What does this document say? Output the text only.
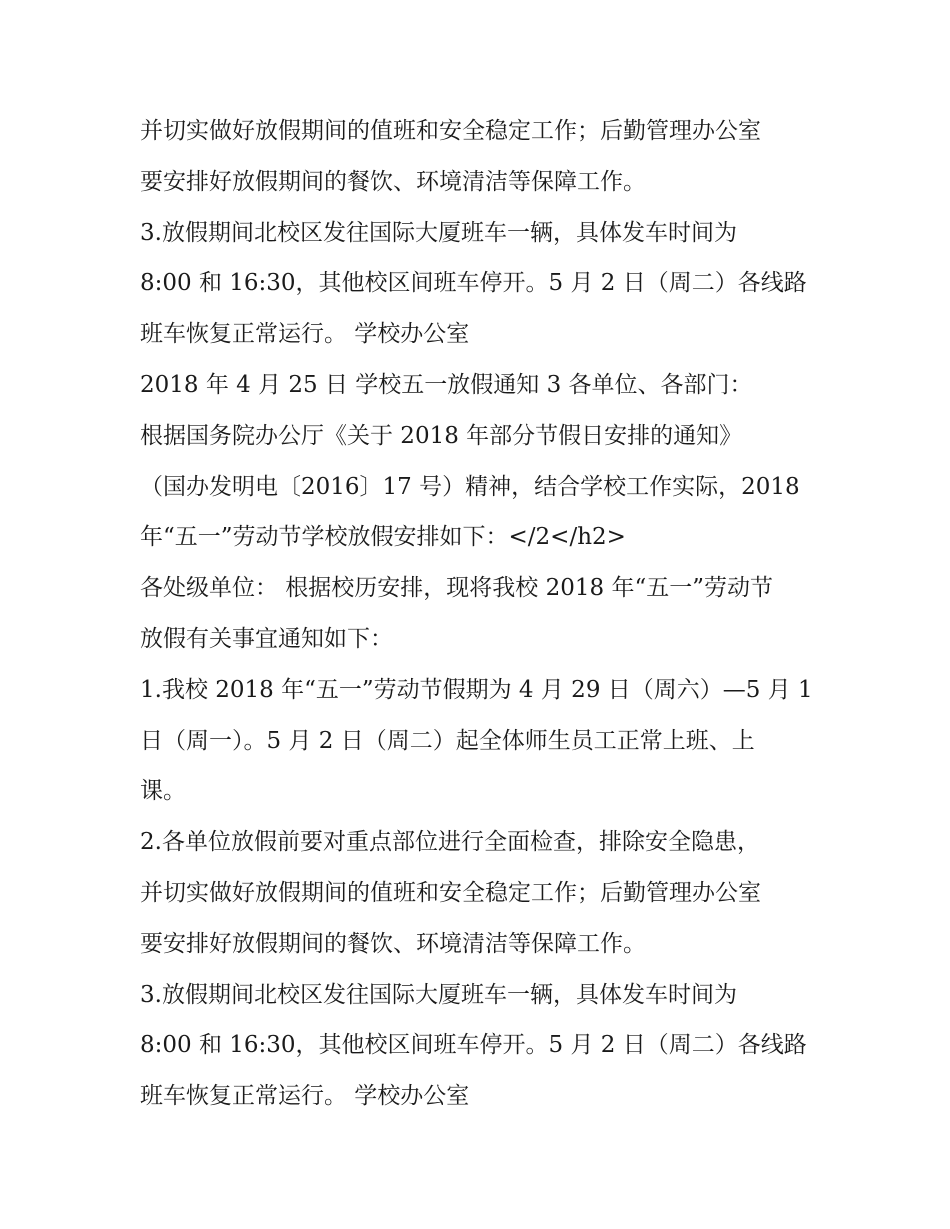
并切实做好放假期间的值班和安全稳定工作；后勤管理办公室
要安排好放假期间的餐饮、环境清洁等保障工作。
3.放假期间北校区发往国际大厦班车一辆，具体发车时间为
8:00 和 16:30，其他校区间班车停开。5 月 2 日（周二）各线路
班车恢复正常运行。 学校办公室
2018 年 4 月 25 日 学校五一放假通知 3 各单位、各部门：
根据国务院办公厅《关于 2018 年部分节假日安排的通知》
（国办发明电〔2016〕17 号）精神，结合学校工作实际，2018
年“五一”劳动节学校放假安排如下：</2</h2>
各处级单位： 根据校历安排，现将我校 2018 年“五一”劳动节
放假有关事宜通知如下：
1.我校 2018 年“五一”劳动节假期为 4 月 29 日（周六）—5 月 1
日（周一）。5 月 2 日（周二）起全体师生员工正常上班、上
课。
2.各单位放假前要对重点部位进行全面检查，排除安全隐患，
并切实做好放假期间的值班和安全稳定工作；后勤管理办公室
要安排好放假期间的餐饮、环境清洁等保障工作。
3.放假期间北校区发往国际大厦班车一辆，具体发车时间为
8:00 和 16:30，其他校区间班车停开。5 月 2 日（周二）各线路
班车恢复正常运行。 学校办公室
